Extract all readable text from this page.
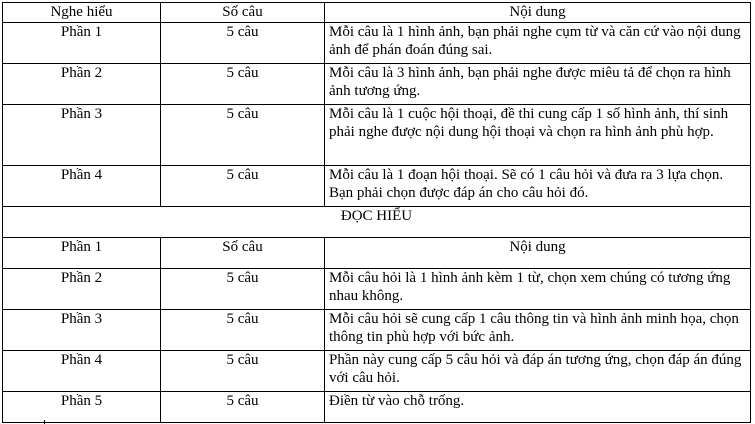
Nghe hiểu	Số câu	Nội dung
Phần 1	5 câu	Mỗi câu là 1 hình ảnh, bạn phải nghe cụm từ và căn cứ vào nội dung ảnh để phán đoán đúng sai.
Phần 2	5 câu	Mỗi câu là 3 hình ảnh, bạn phải nghe được miêu tả để chọn ra hình ảnh tương ứng.
Phần 3	5 câu	Mỗi câu là 1 cuộc hội thoại, đề thi cung cấp 1 số hình ảnh, thí sinh phải nghe được nội dung hội thoại và chọn ra hình ảnh phù hợp.
Phần 4	5 câu	Mỗi câu là 1 đoạn hội thoại. Sẽ có 1 câu hỏi và đưa ra 3 lựa chọn. Bạn phải chọn được đáp án cho câu hỏi đó.
ĐỌC HIỂU		
Phần 1	Số câu	Nội dung
Phần 2	5 câu	Mỗi câu hỏi là 1 hình ảnh kèm 1 từ, chọn xem chúng có tương ứng nhau không.
Phần 3	5 câu	Mỗi câu hỏi sẽ cung cấp 1 câu thông tin và hình ảnh minh họa, chọn thông tin phù hợp với bức ảnh.
Phần 4	5 câu	Phần này cung cấp 5 câu hỏi và đáp án tương ứng, chọn đáp án đúng với câu hỏi.
Phần 5	5 câu	Điền từ vào chỗ trống.
